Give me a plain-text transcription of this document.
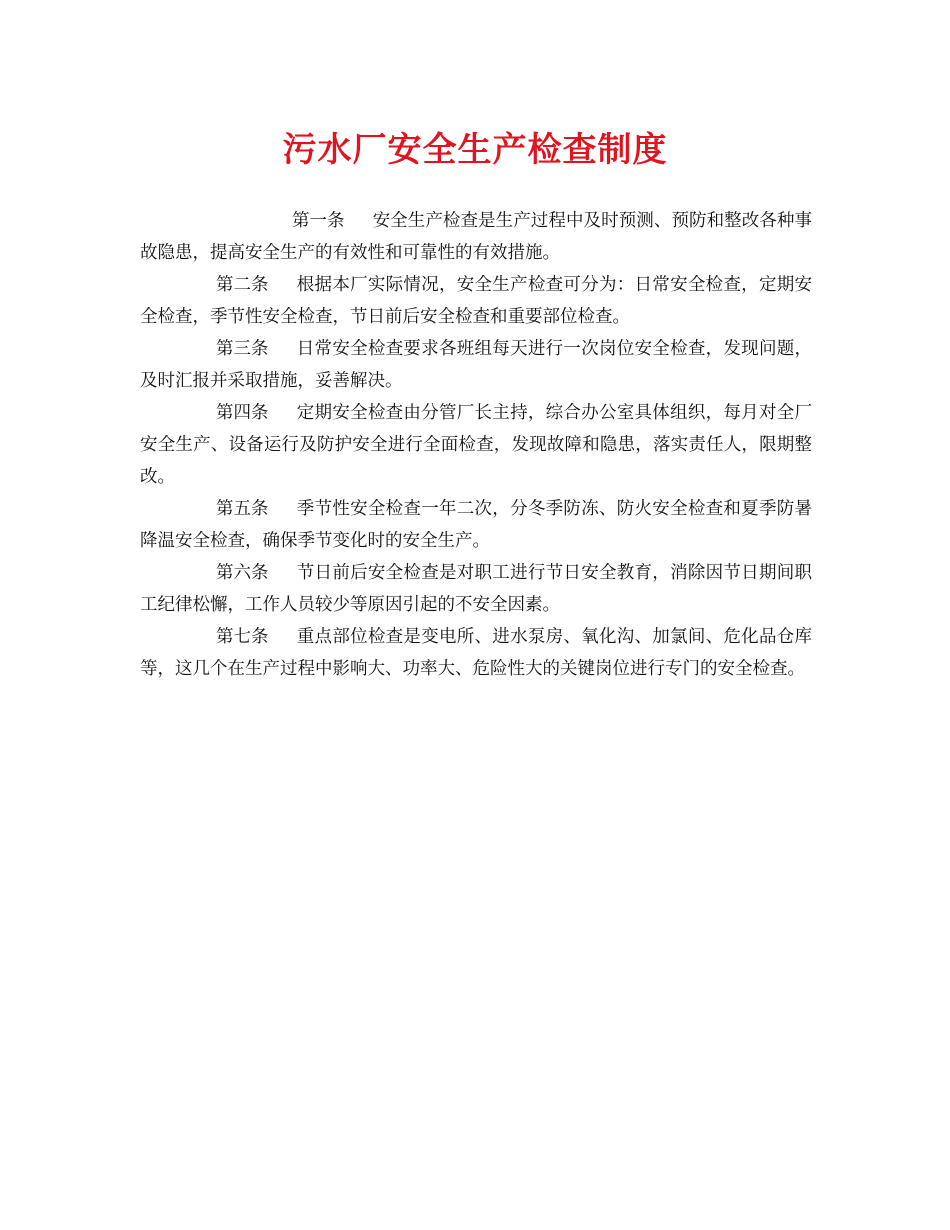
污水厂安全生产检查制度

第一条 安全生产检查是生产过程中及时预测、预防和整改各种事故隐患，提高安全生产的有效性和可靠性的有效措施。

第二条 根据本厂实际情况，安全生产检查可分为：日常安全检查，定期安全检查，季节性安全检查，节日前后安全检查和重要部位检查。

第三条 日常安全检查要求各班组每天进行一次岗位安全检查，发现问题，及时汇报并采取措施，妥善解决。

第四条 定期安全检查由分管厂长主持，综合办公室具体组织，每月对全厂安全生产、设备运行及防护安全进行全面检查，发现故障和隐患，落实责任人，限期整改。

第五条 季节性安全检查一年二次，分冬季防冻、防火安全检查和夏季防暑降温安全检查，确保季节变化时的安全生产。

第六条 节日前后安全检查是对职工进行节日安全教育，消除因节日期间职工纪律松懈，工作人员较少等原因引起的不安全因素。

第七条 重点部位检查是变电所、进水泵房、氧化沟、加氯间、危化品仓库等，这几个在生产过程中影响大、功率大、危险性大的关键岗位进行专门的安全检查。
